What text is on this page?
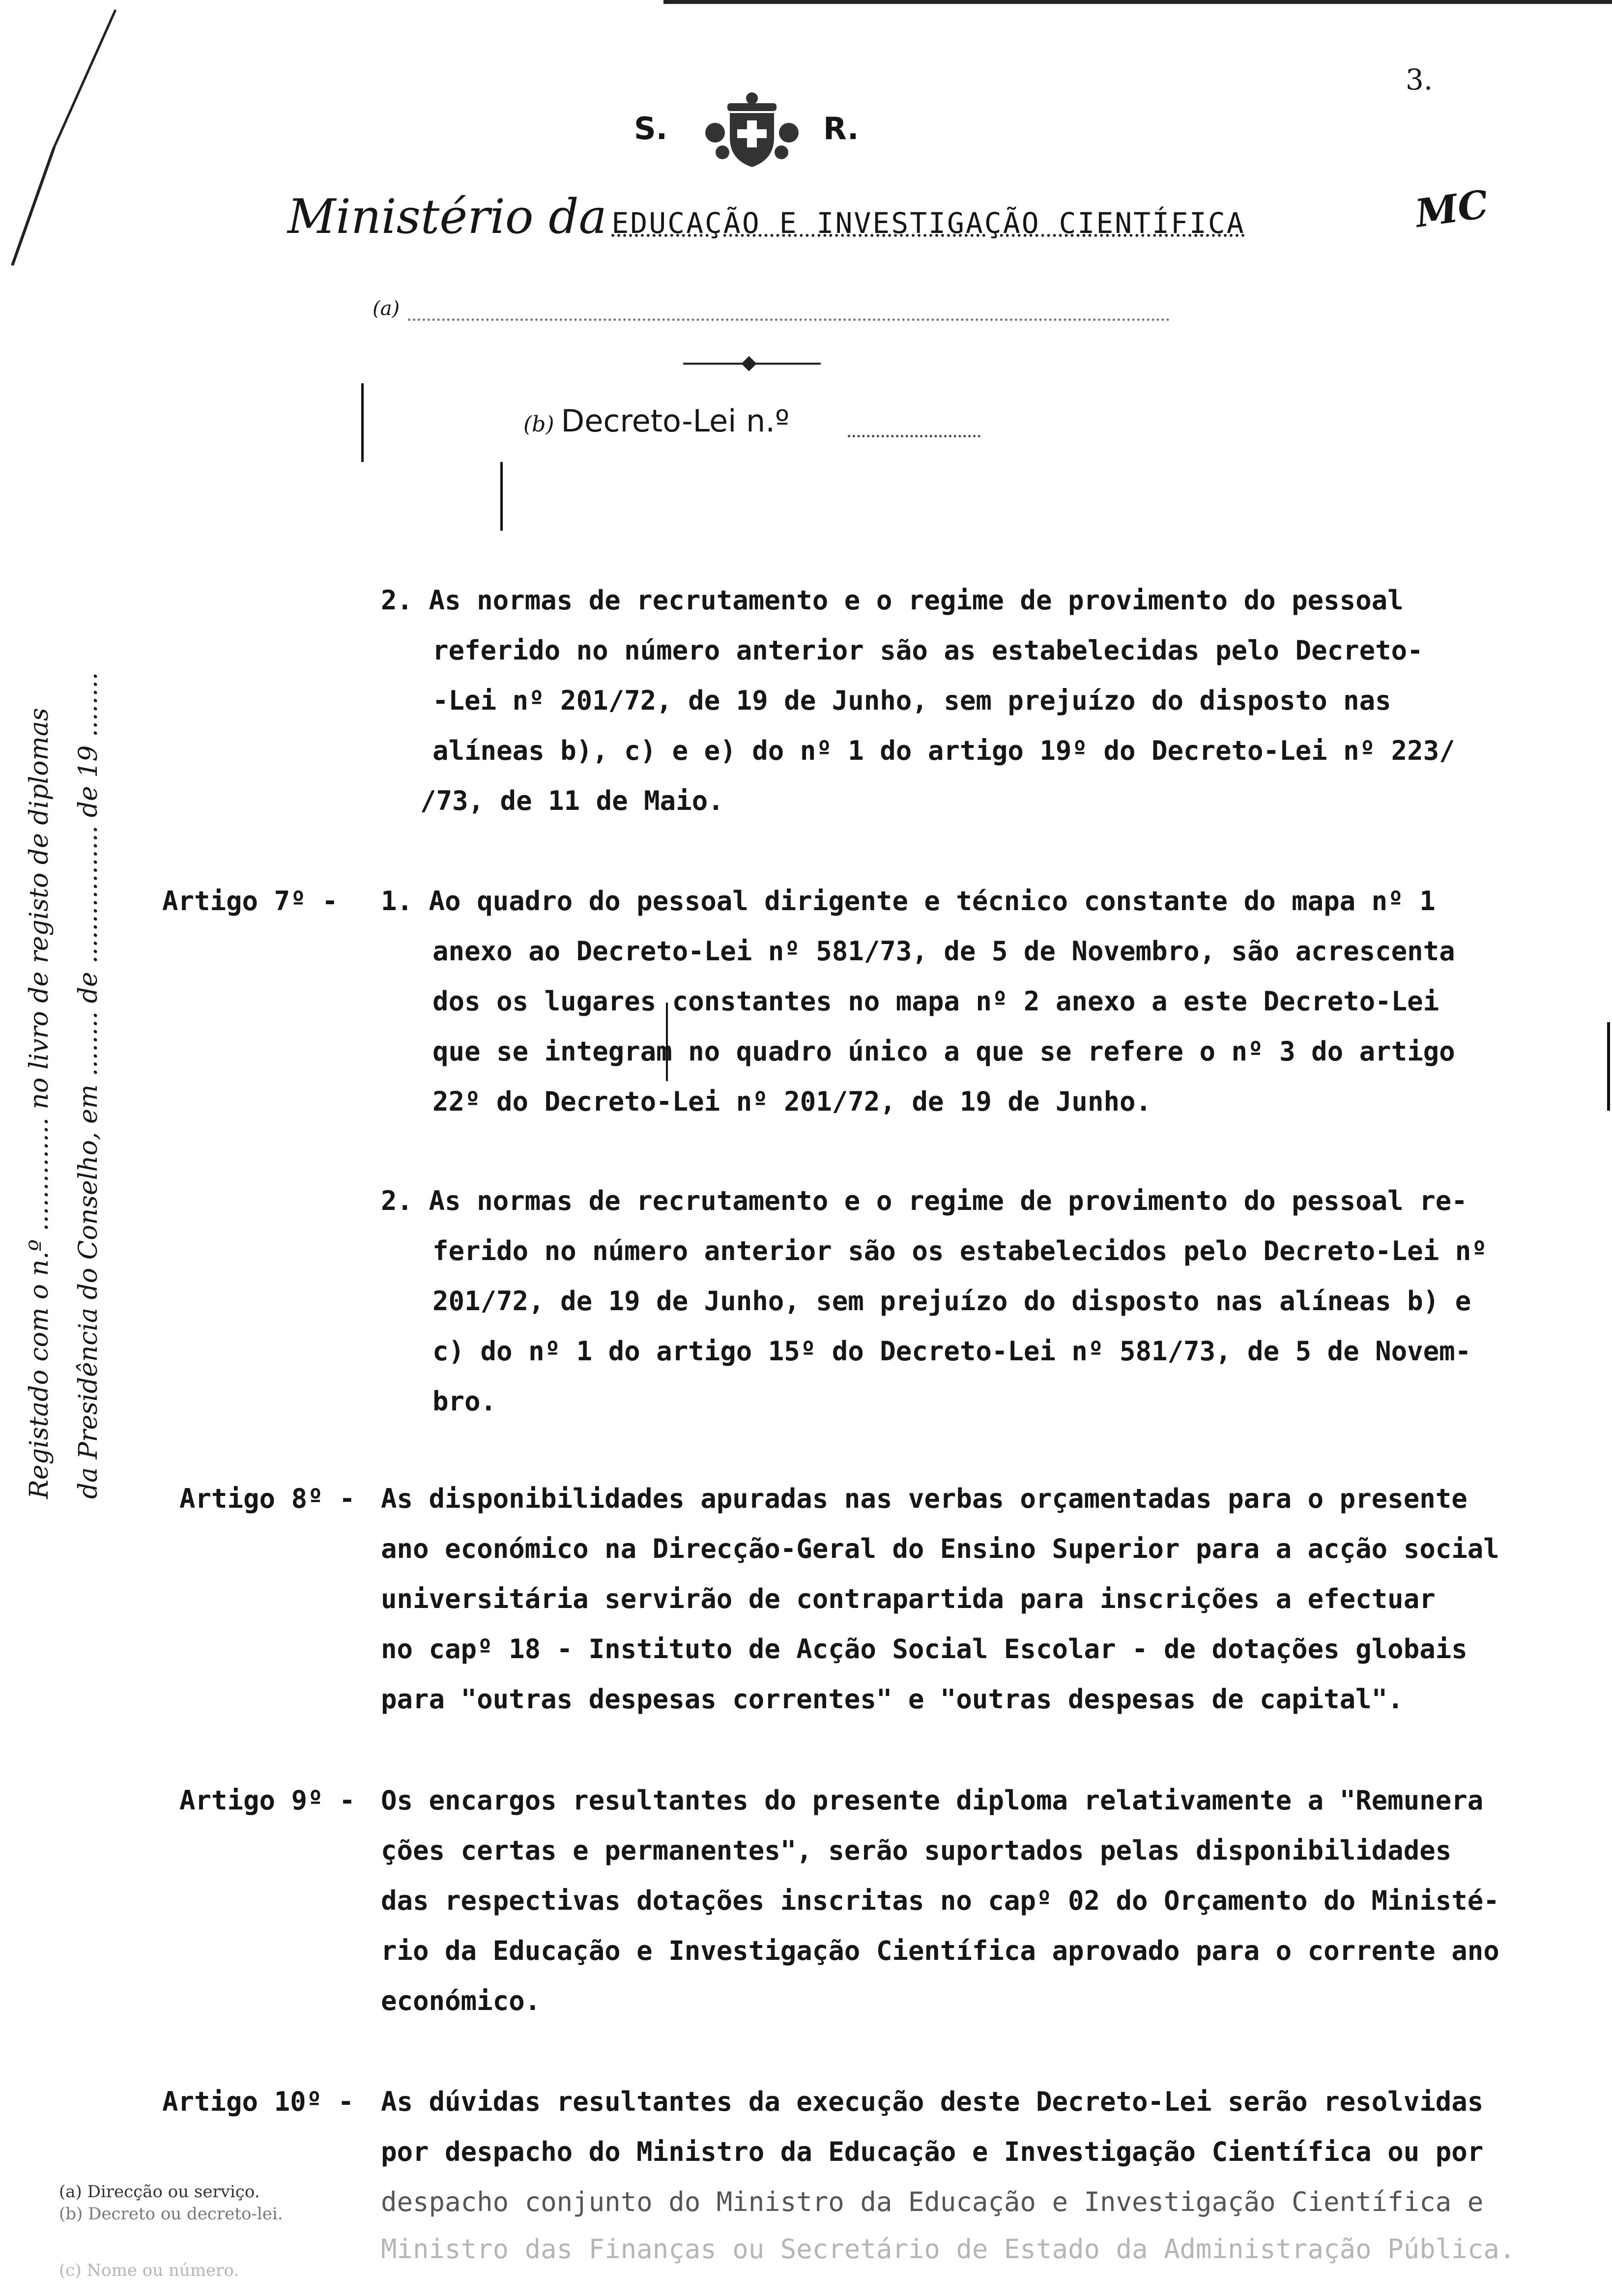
3.
MC
S.	R.
Ministério da EDUCAÇÃO E INVESTIGAÇÃO CIENTÍFICA
(a)
(b) Decreto-Lei n.º
Registado com o n.º .............. no livro de registo de diplomas da Presidência do Conselho, em ........ de ................. de 19 ........
2. As normas de recrutamento e o regime de provimento do pessoal
referido no número anterior são as estabelecidas pelo Decreto-
-Lei nº 201/72, de 19 de Junho, sem prejuízo do disposto nas
alíneas b), c) e e) do nº 1 do artigo 19º do Decreto-Lei nº 223/
/73, de 11 de Maio.
Artigo 7º - 1. Ao quadro do pessoal dirigente e técnico constante do mapa nº 1
anexo ao Decreto-Lei nº 581/73, de 5 de Novembro, são acrescenta
dos os lugares constantes no mapa nº 2 anexo a este Decreto-Lei
que se integram no quadro único a que se refere o nº 3 do artigo
22º do Decreto-Lei nº 201/72, de 19 de Junho.
2. As normas de recrutamento e o regime de provimento do pessoal re-
ferido no número anterior são os estabelecidos pelo Decreto-Lei nº
201/72, de 19 de Junho, sem prejuízo do disposto nas alíneas b) e
c) do nº 1 do artigo 15º do Decreto-Lei nº 581/73, de 5 de Novem-
bro.
Artigo 8º - As disponibilidades apuradas nas verbas orçamentadas para o presente
ano económico na Direcção-Geral do Ensino Superior para a acção social
universitária servirão de contrapartida para inscrições a efectuar
no capº 18 - Instituto de Acção Social Escolar - de dotações globais
para "outras despesas correntes" e "outras despesas de capital".
Artigo 9º - Os encargos resultantes do presente diploma relativamente a "Remunera
ções certas e permanentes", serão suportados pelas disponibilidades
das respectivas dotações inscritas no capº 02 do Orçamento do Ministé-
rio da Educação e Investigação Científica aprovado para o corrente ano
económico.
Artigo 10º - As dúvidas resultantes da execução deste Decreto-Lei serão resolvidas
por despacho do Ministro da Educação e Investigação Científica ou por
despacho conjunto do Ministro da Educação e Investigação Científica e
Ministro das Finanças ou Secretário de Estado da Administração Pública.
(a) Direcção ou serviço.
(b) Decreto ou decreto-lei.
(c) Nome ou número.
